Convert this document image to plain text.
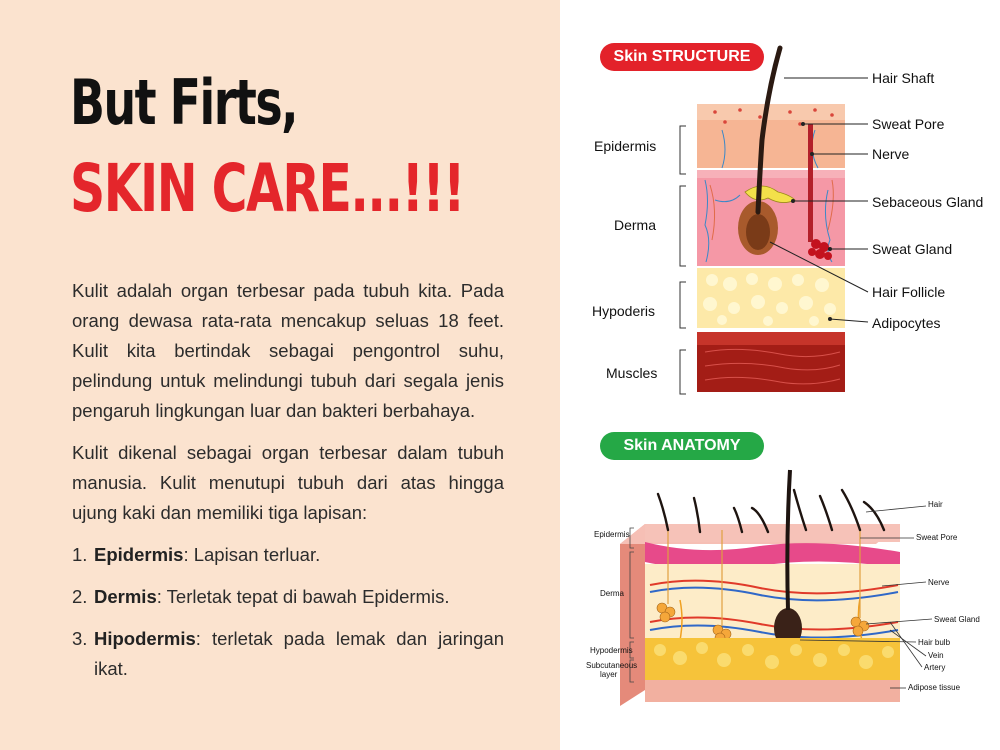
But Firts,
SKIN CARE...!!!

Kulit adalah organ terbesar pada tubuh kita. Pada orang dewasa rata-rata mencakup seluas 18 feet. Kulit kita bertindak sebagai pengontrol suhu, pelindung untuk melindungi tubuh dari segala jenis pengaruh lingkungan luar dan bakteri berbahaya.

Kulit dikenal sebagai organ terbesar dalam tubuh manusia. Kulit menutupi tubuh dari atas hingga ujung kaki dan memiliki tiga lapisan:

1. Epidermis: Lapisan terluar.
2. Dermis: Terletak tepat di bawah Epidermis.
3. Hipodermis: terletak pada lemak dan jaringan ikat.
Skin STRUCTURE
Epidermis
Derma
Hypoderis
Muscles
Hair Shaft
Sweat Pore
Nerve
Sebaceous Gland
Sweat Gland
Hair Follicle
Adipocytes
Skin ANATOMY
Epidermis
Derma
Hypodermis
Subcutaneous
layer
Hair
Sweat Pore
Nerve
Sweat Gland
Hair bulb
Vein
Artery
Adipose tissue
